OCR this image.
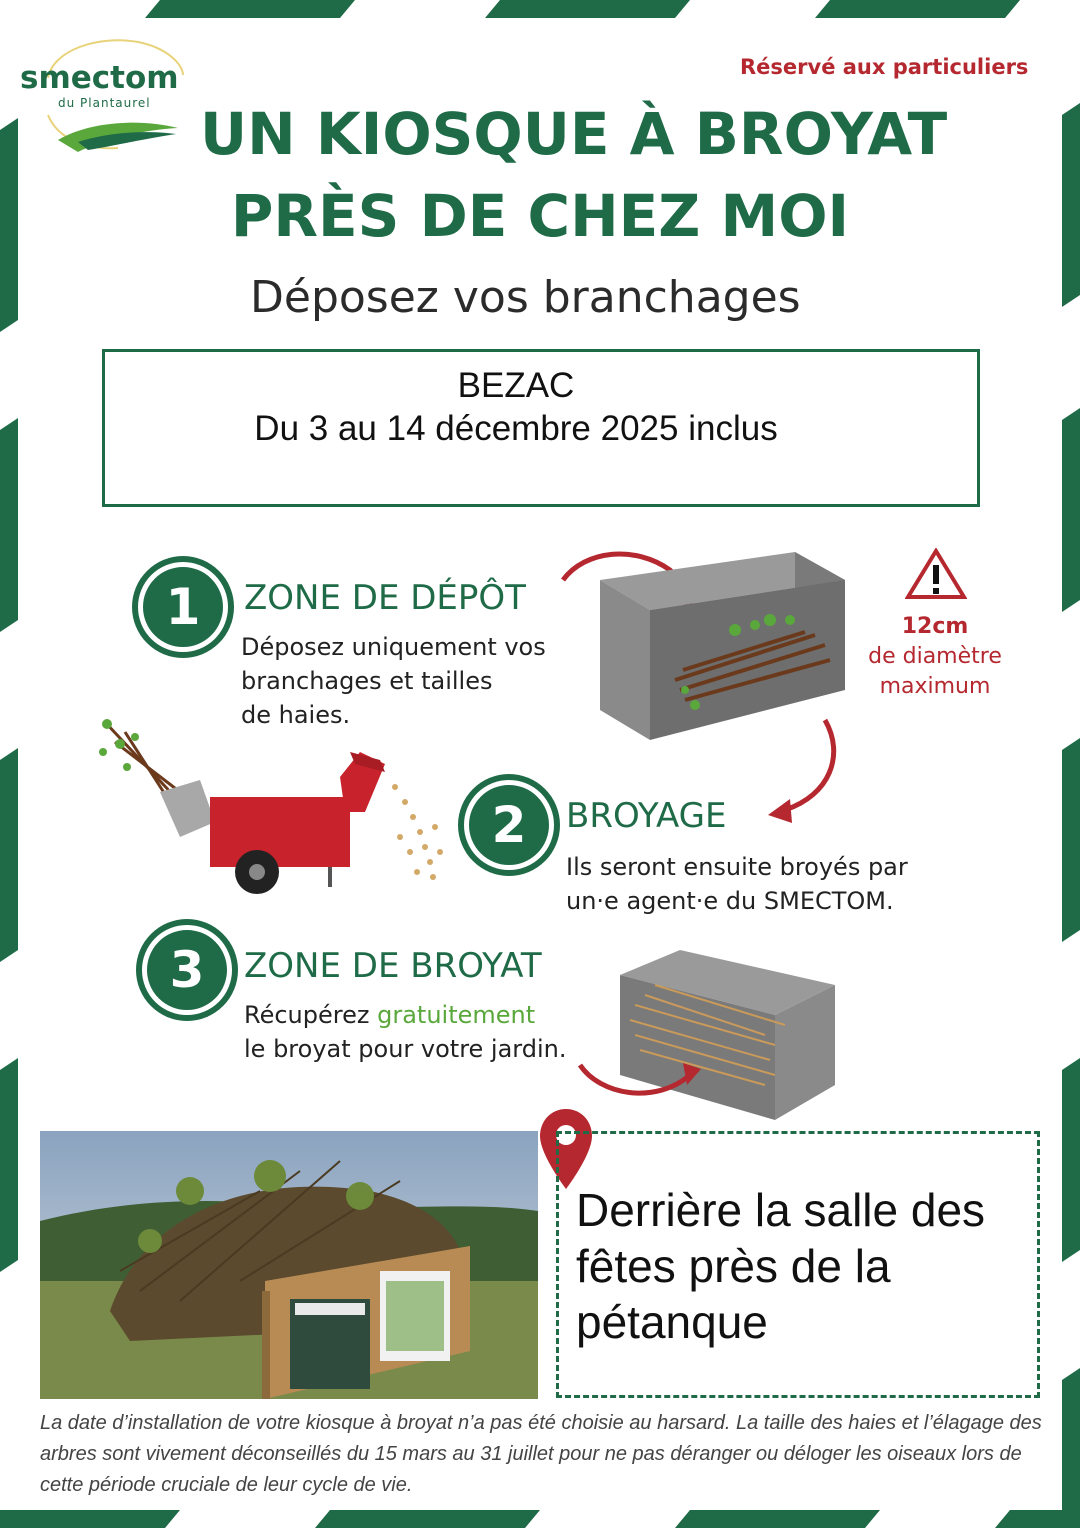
smectom
du Plantaurel
Réservé aux particuliers
UN KIOSQUE À BROYAT
PRÈS DE CHEZ MOI
Déposez vos branchages
BEZAC
Du 3 au 14 décembre 2025 inclus
1	ZONE DE DÉPÔT
Déposez uniquement vos
branchages et tailles
de haies.
12cm
de diamètre
maximum
2	BROYAGE
Ils seront ensuite broyés par
un·e agent·e du SMECTOM.
3	ZONE DE BROYAT
Récupérez gratuitement
le broyat pour votre jardin.
Derrière la salle des fêtes près de la pétanque
La date d’installation de votre kiosque à broyat n’a pas été choisie au harsard. La taille des haies et l’élagage des arbres sont vivement déconseillés du 15 mars au 31 juillet pour ne pas déranger ou déloger les oiseaux lors de cette période cruciale de leur cycle de vie.
